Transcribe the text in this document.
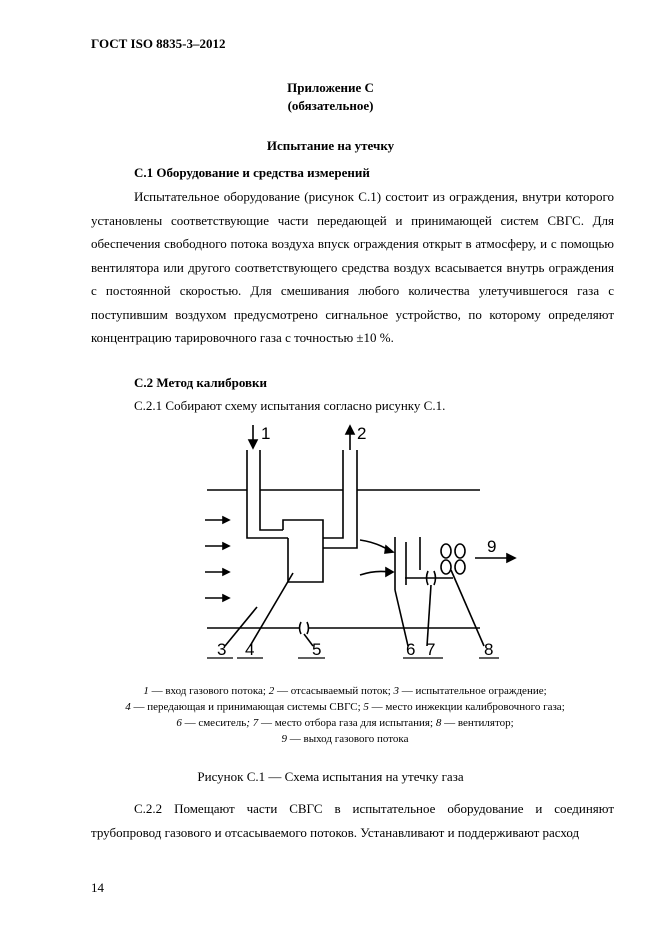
ГОСТ ISO 8835-3–2012
Приложение С
(обязательное)
Испытание на утечку
С.1 Оборудование и средства измерений
Испытательное оборудование (рисунок С.1) состоит из ограждения, внутри которого установлены соответствующие части передающей и принимающей систем СВГС. Для обеспечения свободного потока воздуха впуск ограждения открыт в атмосферу, и с помощью вентилятора или другого соответствующего средства воздух всасывается внутрь ограждения с постоянной скоростью. Для смешивания любого количества улетучившегося газа с поступившим воздухом предусмотрено сигнальное устройство, по которому определяют концентрацию тарировочного газа с точностью ±10 %.
С.2 Метод калибровки
С.2.1 Собирают схему испытания согласно рисунку С.1.
1	2
3 4	5	6 7	8
9
1 — вход газового потока; 2 — отсасываемый поток; 3 — испытательное ограждение;
4 — передающая и принимающая системы СВГС; 5 — место инжекции калибровочного газа;
6 — смеситель; 7 — место отбора газа для испытания; 8 — вентилятор;
9 — выход газового потока
Рисунок С.1 — Схема испытания на утечку газа
С.2.2 Помещают части СВГС в испытательное оборудование и соединяют трубопровод газового и отсасываемого потоков. Устанавливают и поддерживают расход
14
